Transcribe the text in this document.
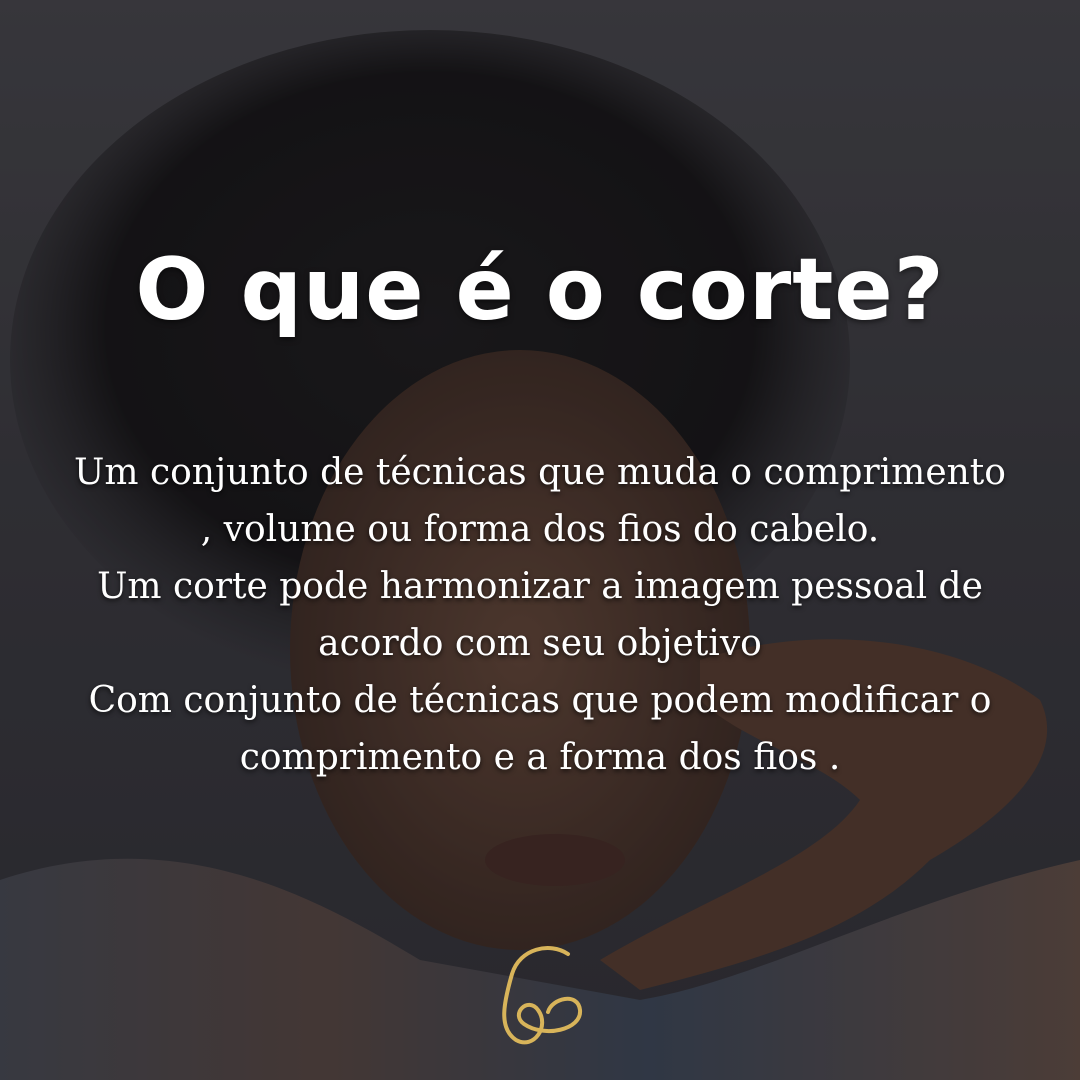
O que é o corte?
Um conjunto de técnicas que muda o comprimento
, volume ou forma dos fios do cabelo.
Um corte pode harmonizar a imagem pessoal de
acordo com seu objetivo
Com conjunto de técnicas que podem modificar o
comprimento e a forma dos fios .
